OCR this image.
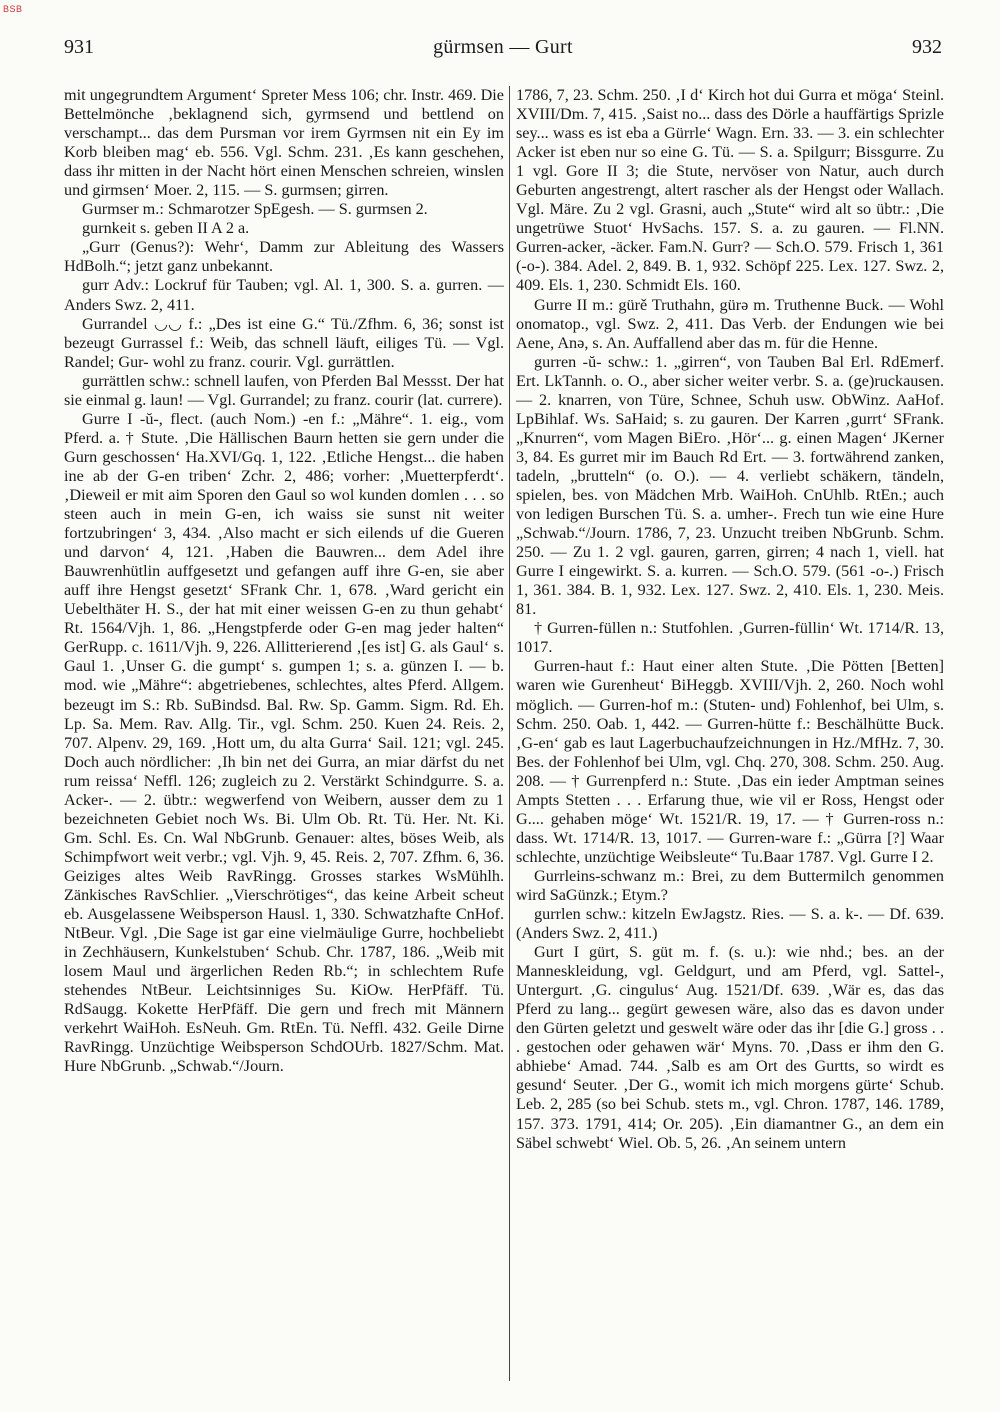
BSB
931	gürmsen — Gurt	932

mit ungegrundtem Argument‘ Spreter Mess 106; chr. Instr. 469. Die Bettelmönche ‚beklagnend sich, gyrmsend und bettlend on verschampt... das dem Pursman vor irem Gyrmsen nit ein Ey im Korb bleiben mag‘ eb. 556. Vgl. Schm. 231. ‚Es kann geschehen, dass ihr mitten in der Nacht hört einen Menschen schreien, winslen und girmsen‘ Moer. 2, 115. — S. gurmsen; girren.

Gurmser m.: Schmarotzer SpEgesh. — S. gurmsen 2.

gurnkeit s. geben II A 2 a.

„Gurr (Genus?): Wehr‘, Damm zur Ableitung des Wassers HdBolh.“; jetzt ganz unbekannt.

gurr Adv.: Lockruf für Tauben; vgl. Al. 1, 300. S. a. gurren. — Anders Swz. 2, 411.

Gurrandel ◡◡ f.: „Des ist eine G.“ Tü./Zfhm. 6, 36; sonst ist bezeugt Gurrassel f.: Weib, das schnell läuft, eiliges Tü. — Vgl. Randel; Gur- wohl zu franz. courir. Vgl. gurrättlen.

gurrättlen schw.: schnell laufen, von Pferden Bal Messst. Der hat sie einmal g. laun! — Vgl. Gurrandel; zu franz. courir (lat. currere).

Gurre I -ŭ-, flect. (auch Nom.) -en f.: „Mähre“. 1. eig., vom Pferd. a. † Stute. ‚Die Hällischen Baurn hetten sie gern under die Gurn geschossen‘ Ha.XVI/Gq. 1, 122. ‚Etliche Hengst... die haben ine ab der G-en triben‘ Zchr. 2, 486; vorher: ‚Muetterpferdt‘. ‚Dieweil er mit aim Sporen den Gaul so wol kunden domlen . . . so steen auch in mein G-en, ich waiss sie sunst nit weiter fortzubringen‘ 3, 434. ‚Also macht er sich eilends uf die Gueren und darvon‘ 4, 121. ‚Haben die Bauwren... dem Adel ihre Bauwrenhütlin auffgesetzt und gefangen auff ihre G-en, sie aber auff ihre Hengst gesetzt‘ SFrank Chr. 1, 678. ‚Ward gericht ein Uebelthäter H. S., der hat mit einer weissen G-en zu thun gehabt‘ Rt. 1564/Vjh. 1, 86. „Hengstpferde oder G-en mag jeder halten“ GerRupp. c. 1611/Vjh. 9, 226. Allitterierend ‚[es ist] G. als Gaul‘ s. Gaul 1. ‚Unser G. die gumpt‘ s. gumpen 1; s. a. günzen I. — b. mod. wie „Mähre“: abgetriebenes, schlechtes, altes Pferd. Allgem. bezeugt im S.: Rb. SuBindsd. Bal. Rw. Sp. Gamm. Sigm. Rd. Eh. Lp. Sa. Mem. Rav. Allg. Tir., vgl. Schm. 250. Kuen 24. Reis. 2, 707. Alpenv. 29, 169. ‚Hott um, du alta Gurra‘ Sail. 121; vgl. 245. Doch auch nördlicher: ‚Ih bin net dei Gurra, an miar därfst du net rum reissa‘ Neffl. 126; zugleich zu 2. Verstärkt Schindgurre. S. a. Acker-. — 2. übtr.: wegwerfend von Weibern, ausser dem zu 1 bezeichneten Gebiet noch Ws. Bi. Ulm Ob. Rt. Tü. Her. Nt. Ki. Gm. Schl. Es. Cn. Wal NbGrunb. Genauer: altes, böses Weib, als Schimpfwort weit verbr.; vgl. Vjh. 9, 45. Reis. 2, 707. Zfhm. 6, 36. Geiziges altes Weib RavRingg. Grosses starkes WsMühlh. Zänkisches RavSchlier. „Vierschrötiges“, das keine Arbeit scheut eb. Ausgelassene Weibsperson Hausl. 1, 330. Schwatzhafte CnHof. NtBeur. Vgl. ‚Die Sage ist gar eine vielmäulige Gurre, hochbeliebt in Zechhäusern, Kunkelstuben‘ Schub. Chr. 1787, 186. „Weib mit losem Maul und ärgerlichen Reden Rb.“; in schlechtem Rufe stehendes NtBeur. Leichtsinniges Su. KiOw. HerPfäff. Tü. RdSaugg. Kokette HerPfäff. Die gern und frech mit Männern verkehrt WaiHoh. EsNeuh. Gm. RtEn. Tü. Neffl. 432. Geile Dirne RavRingg. Unzüchtige Weibsperson SchdOUrb. 1827/Schm. Mat. Hure NbGrunb. „Schwab.“/Journ.

1786, 7, 23. Schm. 250. ‚I d‘ Kirch hot dui Gurra et möga‘ Steinl. XVIII/Dm. 7, 415. ‚Saist no... dass des Dörle a hauffärtigs Sprizle sey... wass es ist eba a Gürrle‘ Wagn. Ern. 33. — 3. ein schlechter Acker ist eben nur so eine G. Tü. — S. a. Spilgurr; Bissgurre. Zu 1 vgl. Gore II 3; die Stute, nervöser von Natur, auch durch Geburten angestrengt, altert rascher als der Hengst oder Wallach. Vgl. Märe. Zu 2 vgl. Grasni, auch „Stute“ wird alt so übtr.: ‚Die ungetrüwe Stuot‘ HvSachs. 157. S. a. zu gauren. — Fl.NN. Gurren-acker, -äcker. Fam.N. Gurr? — Sch.O. 579. Frisch 1, 361 (-o-). 384. Adel. 2, 849. B. 1, 932. Schöpf 225. Lex. 127. Swz. 2, 409. Els. 1, 230. Schmidt Els. 160.

Gurre II m.: gürě Truthahn, gürə m. Truthenne Buck. — Wohl onomatop., vgl. Swz. 2, 411. Das Verb. der Endungen wie bei Aene, Anə, s. An. Auffallend aber das m. für die Henne.

gurren -ŭ- schw.: 1. „girren“, von Tauben Bal Erl. RdEmerf. Ert. LkTannh. o. O., aber sicher weiter verbr. S. a. (ge)ruckausen. — 2. knarren, von Türe, Schnee, Schuh usw. ObWinz. AaHof. LpBihlaf. Ws. SaHaid; s. zu gauren. Der Karren ‚gurrt‘ SFrank. „Knurren“, vom Magen BiEro. ‚Hör‘... g. einen Magen‘ JKerner 3, 84. Es gurret mir im Bauch Rd Ert. — 3. fortwährend zanken, tadeln, „brutteln“ (o. O.). — 4. verliebt schäkern, tändeln, spielen, bes. von Mädchen Mrb. WaiHoh. CnUhlb. RtEn.; auch von ledigen Burschen Tü. S. a. umher-. Frech tun wie eine Hure „Schwab.“/Journ. 1786, 7, 23. Unzucht treiben NbGrunb. Schm. 250. — Zu 1. 2 vgl. gauren, garren, girren; 4 nach 1, viell. hat Gurre I eingewirkt. S. a. kurren. — Sch.O. 579. (561 -o-.) Frisch 1, 361. 384. B. 1, 932. Lex. 127. Swz. 2, 410. Els. 1, 230. Meis. 81.

† Gurren-füllen n.: Stutfohlen. ‚Gurren-füllin‘ Wt. 1714/R. 13, 1017.

Gurren-haut f.: Haut einer alten Stute. ‚Die Pötten [Betten] waren wie Gurenheut‘ BiHeggb. XVIII/Vjh. 2, 260. Noch wohl möglich. — Gurren-hof m.: (Stuten- und) Fohlenhof, bei Ulm, s. Schm. 250. Oab. 1, 442. — Gurren-hütte f.: Beschälhütte Buck. ‚G-en‘ gab es laut Lagerbuchaufzeichnungen in Hz./MfHz. 7, 30. Bes. der Fohlenhof bei Ulm, vgl. Chq. 270, 308. Schm. 250. Aug. 208. — † Gurrenpferd n.: Stute. ‚Das ein ieder Amptman seines Ampts Stetten . . . Erfarung thue, wie vil er Ross, Hengst oder G.... gehaben möge‘ Wt. 1521/R. 19, 17. — † Gurren-ross n.: dass. Wt. 1714/R. 13, 1017. — Gurren-ware f.: „Gürra [?] Waar schlechte, unzüchtige Weibsleute“ Tu.Baar 1787. Vgl. Gurre I 2.

Gurrleins-schwanz m.: Brei, zu dem Buttermilch genommen wird SaGünzk.; Etym.?

gurrlen schw.: kitzeln EwJagstz. Ries. — S. a. k-. — Df. 639. (Anders Swz. 2, 411.)

Gurt I gürt, S. güt m. f. (s. u.): wie nhd.; bes. an der Manneskleidung, vgl. Geldgurt, und am Pferd, vgl. Sattel-, Untergurt. ‚G. cingulus‘ Aug. 1521/Df. 639. ‚Wär es, das das Pferd zu lang... gegürt gewesen wäre, also das es davon under den Gürten geletzt und geswelt wäre oder das ihr [die G.] gross . . . gestochen oder gehawen wär‘ Myns. 70. ‚Dass er ihm den G. abhiebe‘ Amad. 744. ‚Salb es am Ort des Gurtts, so wirdt es gesund‘ Seuter. ‚Der G., womit ich mich morgens gürte‘ Schub. Leb. 2, 285 (so bei Schub. stets m., vgl. Chron. 1787, 146. 1789, 157. 373. 1791, 414; Or. 205). ‚Ein diamantner G., an dem ein Säbel schwebt‘ Wiel. Ob. 5, 26. ‚An seinem untern
